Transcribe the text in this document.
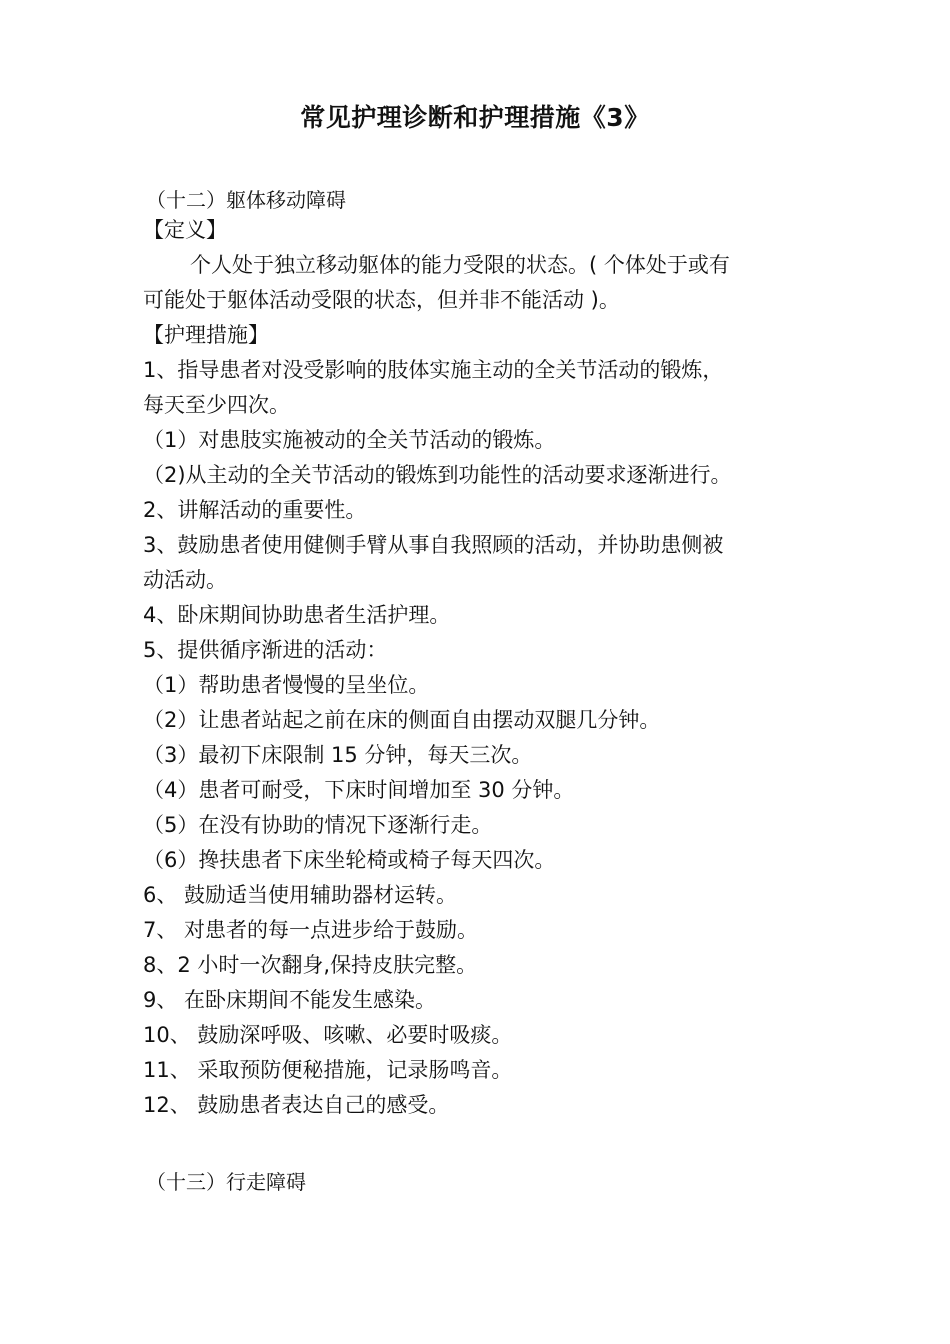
常见护理诊断和护理措施《3》
（十二）躯体移动障碍
【定义】
个人处于独立移动躯体的能力受限的状态。( 个体处于或有
可能处于躯体活动受限的状态，但并非不能活动 )。
【护理措施】
1、指导患者对没受影响的肢体实施主动的全关节活动的锻炼，
每天至少四次。
（1）对患肢实施被动的全关节活动的锻炼。
（2)从主动的全关节活动的锻炼到功能性的活动要求逐渐进行。
2、讲解活动的重要性。
3、鼓励患者使用健侧手臂从事自我照顾的活动，并协助患侧被
动活动。
4、卧床期间协助患者生活护理。
5、提供循序渐进的活动：
（1）帮助患者慢慢的呈坐位。
（2）让患者站起之前在床的侧面自由摆动双腿几分钟。
（3）最初下床限制 15 分钟，每天三次。
（4）患者可耐受，下床时间增加至 30 分钟。
（5）在没有协助的情况下逐渐行走。
（6）搀扶患者下床坐轮椅或椅子每天四次。
6、 鼓励适当使用辅助器材运转。
7、 对患者的每一点进步给于鼓励。
8、2 小时一次翻身,保持皮肤完整。
9、 在卧床期间不能发生感染。
10、 鼓励深呼吸、咳嗽、必要时吸痰。
11、 采取预防便秘措施，记录肠鸣音。
12、 鼓励患者表达自己的感受。
（十三）行走障碍
